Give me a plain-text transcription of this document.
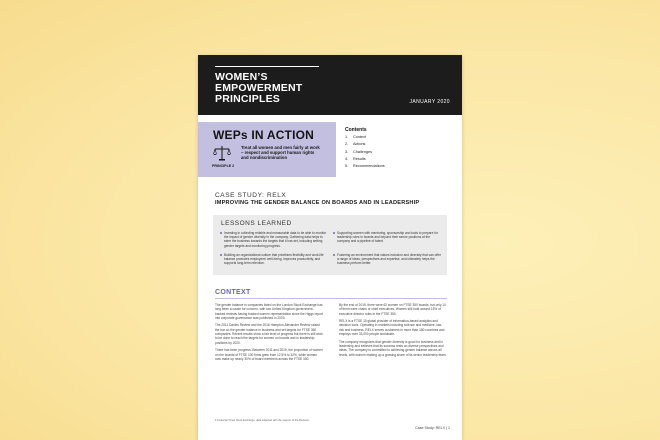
WOMEN’S
EMPOWERMENT
PRINCIPLES	JANUARY 2020
WEPs IN ACTION
PRINCIPLE 2
Treat all women and men fairly at work – respect and support human rights and nondiscrimination
Contents
1. Context
2. Actions
3. Challenges
4. Results
5. Recommendations
CASE STUDY: RELX
IMPROVING THE GENDER BALANCE ON BOARDS AND IN LEADERSHIP
LESSONS LEARNED
Investing in collecting reliable and measurable data to be able to monitor the impact of gender diversity in the company. Gathering data helps to steer the business towards the targets that it has set, including setting gender targets and monitoring progress.
Building an organizational culture that prioritizes flexibility and work-life balance promotes employees' well-being, improves productivity, and supports long-term retention.
Supporting women with mentoring, sponsorship and tools to prepare for leadership roles in boards and beyond their senior positions at the company and a pipeline of talent.
Fostering an environment that values inclusion and diversity that can offer a range of ideas, perspectives and expertise, and ultimately helps the business perform better.
CONTEXT
The gender balance in companies listed on the London Stock Exchange has long been a cause for concern, with two United Kingdom government-backed reviews having tracked women representation since the Higgs report into corporate governance was published in 2003.
The 2011 Davies Review and the 2016 Hampton-Alexander Review raised the bar on the gender balance in business and set targets for FTSE 350 companies. Recent results show a fair level of progress but there is still work to be done to reach the targets for women on boards and in leadership positions by 2020.
There has been progress. Between 2011 and 2019, the proportion of women on the boards of FTSE 100 firms grew from 12.5% to 32%, while women now make up nearly 30% of board members across the FTSE 350.
By the end of 2019, there were 62 women on FTSE 350 boards, but only 10 of them were chairs or chief executives. Women still hold around 15% of executive director roles in the FTSE 350.
RELX is a FTSE 15 global provider of information-based analytics and decision tools. Operating in markets including science and medicine, law, risk and business, RELX serves customers in more than 180 countries and employs over 33,000 people worldwide.
The company recognizes that gender diversity is good for business and in leadership and believes that its success rests on diverse perspectives and ideas. The company is committed to achieving gender balance across all levels, with women making up a growing share of its senior leadership team.
1 Financial Times Stock Exchange, data collected with the support of the Reviews.
Case Study: RELX | 1
